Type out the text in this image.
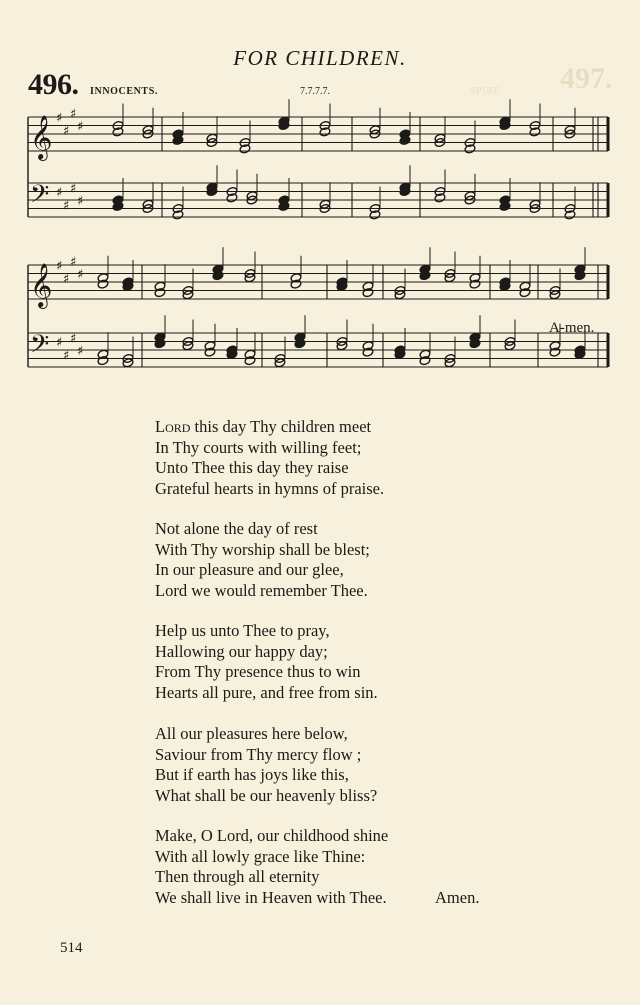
497.
SPIRE
FOR CHILDREN.
496. INNOCENTS.	7.7.7.7.
𝄞 ♯
♯
♯
♯
𝄢 ♯
♯
♯
♯
𝄞 ♯
♯
♯
♯
𝄢 ♯
♯
♯
♯
A-men.
Lord this day Thy children meet
In Thy courts with willing feet;
Unto Thee this day they raise
Grateful hearts in hymns of praise.
Not alone the day of rest
With Thy worship shall be blest;
In our pleasure and our glee,
Lord we would remember Thee.
Help us unto Thee to pray,
Hallowing our happy day;
From Thy presence thus to win
Hearts all pure, and free from sin.
All our pleasures here below,
Saviour from Thy mercy flow ;
But if earth has joys like this,
What shall be our heavenly bliss?
Make, O Lord, our childhood shine
With all lowly grace like Thine:
Then through all eternity
We shall live in Heaven with Thee.	Amen.
514
